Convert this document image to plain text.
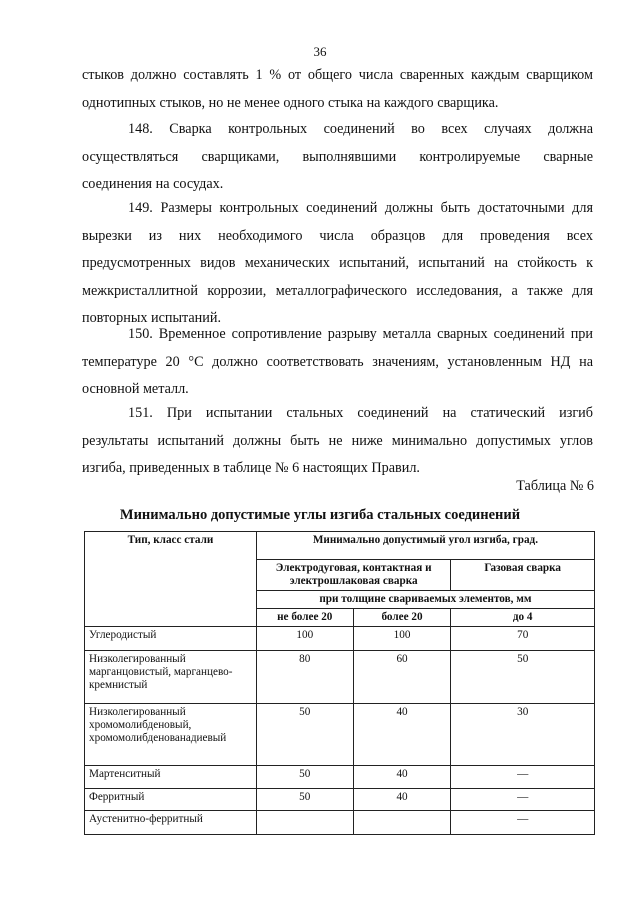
36
стыков должно составлять 1 % от общего числа сваренных каждым сварщиком
однотипных стыков, но не менее одного стыка на каждого сварщика.
148. Сварка контрольных соединений во всех случаях должна
осуществляться сварщиками, выполнявшими контролируемые сварные
соединения на сосудах.
149. Размеры контрольных соединений должны быть достаточными для
вырезки из них необходимого числа образцов для проведения всех
предусмотренных видов механических испытаний, испытаний на стойкость к
межкристаллитной коррозии, металлографического исследования, а также для
повторных испытаний.
150. Временное сопротивление разрыву металла сварных соединений при
температуре 20 °С должно соответствовать значениям, установленным НД на
основной металл.
151. При испытании стальных соединений на статический изгиб
результаты испытаний должны быть не ниже минимально допустимых углов
изгиба, приведенных в таблице № 6 настоящих Правил.
Таблица № 6
Минимально допустимые углы изгиба стальных соединений
Тип, класс стали	Минимально допустимый угол изгиба, град.		
	Электродуговая, контактная и электрошлаковая сварка		Газовая сварка
	при толщине свариваемых элементов, мм		
	не более 20	более 20	до 4
Углеродистый	100	100	70
Низколегированный марганцовистый, марганцево-кремнистый	80	60	50
Низколегированный хромомолибденовый, хромомолибденованадиевый	50	40	30
Мартенситный	50	40	—
Ферритный	50	40	—
Аустенитно-ферритный			—
